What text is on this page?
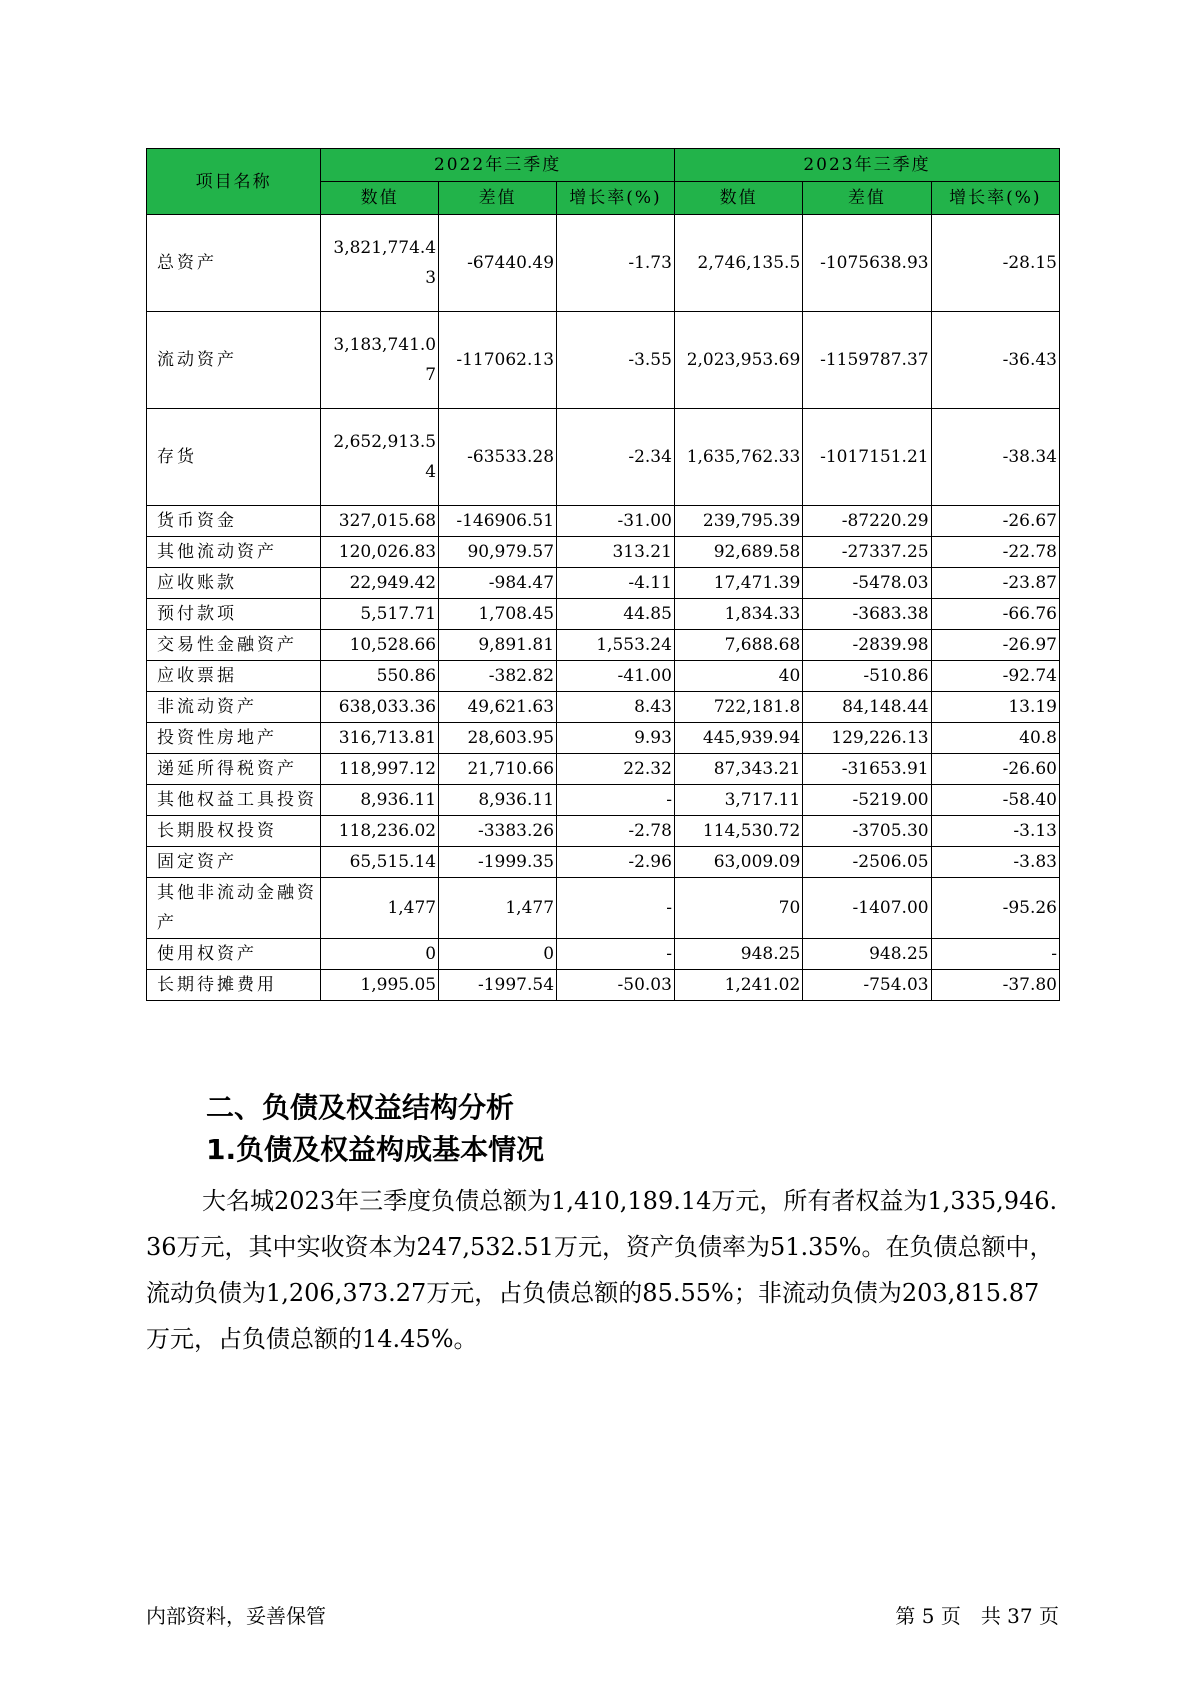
项目名称	2022年三季度			2023年三季度		
	数值	差值	增长率(%)	数值	差值	增长率(%)
总资产	3,821,774.43	-67440.49	-1.73	2,746,135.5	-1075638.93	-28.15
流动资产	3,183,741.07	-117062.13	-3.55	2,023,953.69	-1159787.37	-36.43
存货	2,652,913.54	-63533.28	-2.34	1,635,762.33	-1017151.21	-38.34
货币资金	327,015.68	-146906.51	-31.00	239,795.39	-87220.29	-26.67
其他流动资产	120,026.83	90,979.57	313.21	92,689.58	-27337.25	-22.78
应收账款	22,949.42	-984.47	-4.11	17,471.39	-5478.03	-23.87
预付款项	5,517.71	1,708.45	44.85	1,834.33	-3683.38	-66.76
交易性金融资产	10,528.66	9,891.81	1,553.24	7,688.68	-2839.98	-26.97
应收票据	550.86	-382.82	-41.00	40	-510.86	-92.74
非流动资产	638,033.36	49,621.63	8.43	722,181.8	84,148.44	13.19
投资性房地产	316,713.81	28,603.95	9.93	445,939.94	129,226.13	40.8
递延所得税资产	118,997.12	21,710.66	22.32	87,343.21	-31653.91	-26.60
其他权益工具投资	8,936.11	8,936.11	-	3,717.11	-5219.00	-58.40
长期股权投资	118,236.02	-3383.26	-2.78	114,530.72	-3705.30	-3.13
固定资产	65,515.14	-1999.35	-2.96	63,009.09	-2506.05	-3.83
其他非流动金融资产	1,477	1,477	-	70	-1407.00	-95.26
使用权资产	0	0	-	948.25	948.25	-
长期待摊费用	1,995.05	-1997.54	-50.03	1,241.02	-754.03	-37.80
二、负债及权益结构分析
1.负债及权益构成基本情况

大名城2023年三季度负债总额为1,410,189.14万元，所有者权益为1,335,946.36万元，其中实收资本为247,532.51万元，资产负债率为51.35%。在负债总额中，流动负债为1,206,373.27万元，占负债总额的85.55%；非流动负债为203,815.87万元，占负债总额的14.45%。

内部资料，妥善保管	第 5 页　共 37 页
